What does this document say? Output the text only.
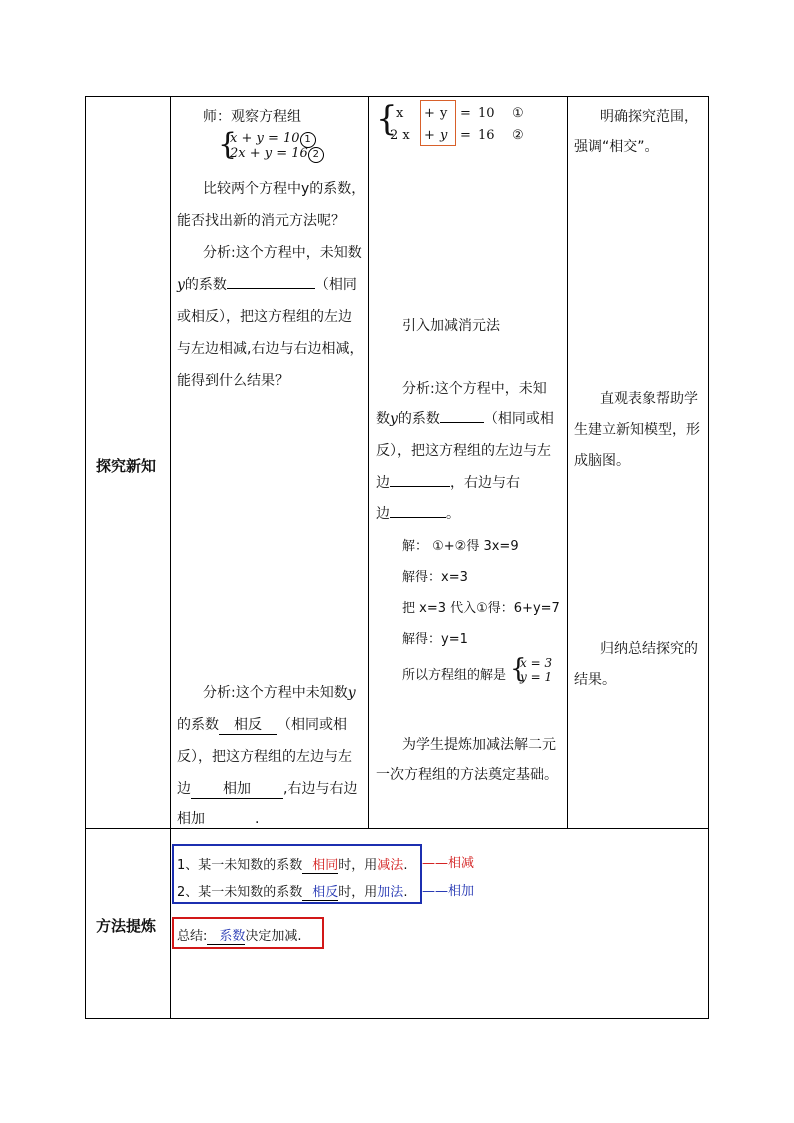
探究新知
师：观察方程组
{
x + y = 10 1
2x + y = 16 2
比较两个方程中y的系数，
能否找出新的消元方法呢？
分析:这个方程中，未知数
y的系数	（相同
或相反），把这方程组的左边
与左边相减,右边与右边相减，
能得到什么结果？
分析:这个方程中未知数y
的系数 相反 （相同或相
反），把这方程组的左边与左
边 相加 ,右边与右边
相加	.
{
x + y = 10 ①
2 x + y = 16 ②
引入加减消元法
分析:这个方程中，未知
数y的系数	（相同或相
反），把这方程组的左边与左
边	，右边与右
边	。
解： ①+②得 3x=9
解得：x=3
把 x=3 代入①得：6+y=7
解得：y=1
所以方程组的解是 {
x = 3
y = 1
为学生提炼加减法解二元
一次方程组的方法奠定基础。
明确探究范围，
强调“相交”。
直观表象帮助学
生建立新知模型，形
成脑图。
归纳总结探究的
结果。
方法提炼
1、某一未知数的系数 相同时，用减法. ——相减
2、某一未知数的系数 相反时，用加法. ——相加
总结: 系数决定加减.
